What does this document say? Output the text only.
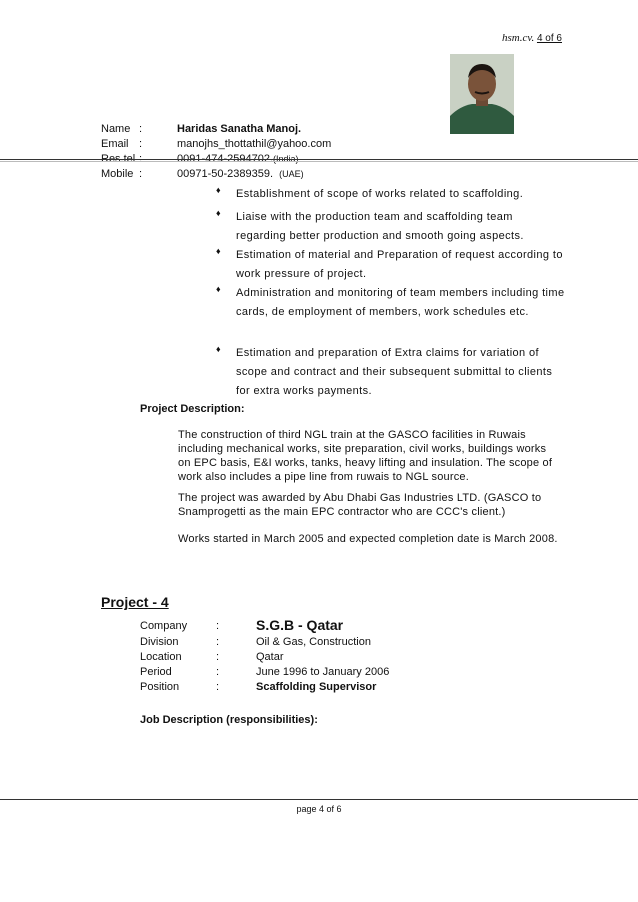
hsm.cv. 4 of 6
Name :	Haridas Sanatha Manoj.
Email :	manojhs_thottathil@yahoo.com
Res.tel :	0091-474-2594702.(India)
Mobile :	00971-50-2389359. (UAE)
♦ Establishment of scope of works related to scaffolding.
♦ Liaise with the production team and scaffolding team regarding better production and smooth going aspects.
♦ Estimation of material and Preparation of request according to work pressure of project.
♦ Administration and monitoring of team members including time cards, de employment of members, work schedules etc.
♦ Estimation and preparation of Extra claims for variation of scope and contract and their subsequent submittal to clients for extra works payments.
Project Description:
The construction of third NGL train at the GASCO facilities in Ruwais including mechanical works, site preparation, civil works, buildings works on EPC basis, E&I works, tanks, heavy lifting and insulation. The scope of work also includes a pipe line from ruwais to NGL source.
The project was awarded by Abu Dhabi Gas Industries LTD. (GASCO to Snamprogetti as the main EPC contractor who are CCC's client.)
Works started in March 2005 and expected completion date is March 2008.
Project - 4
Company	:	S.G.B - Qatar
Division	:	Oil & Gas, Construction
Location	:	Qatar
Period	:	June 1996 to January 2006
Position	:	Scaffolding Supervisor
Job Description (responsibilities):
page 4 of 6
